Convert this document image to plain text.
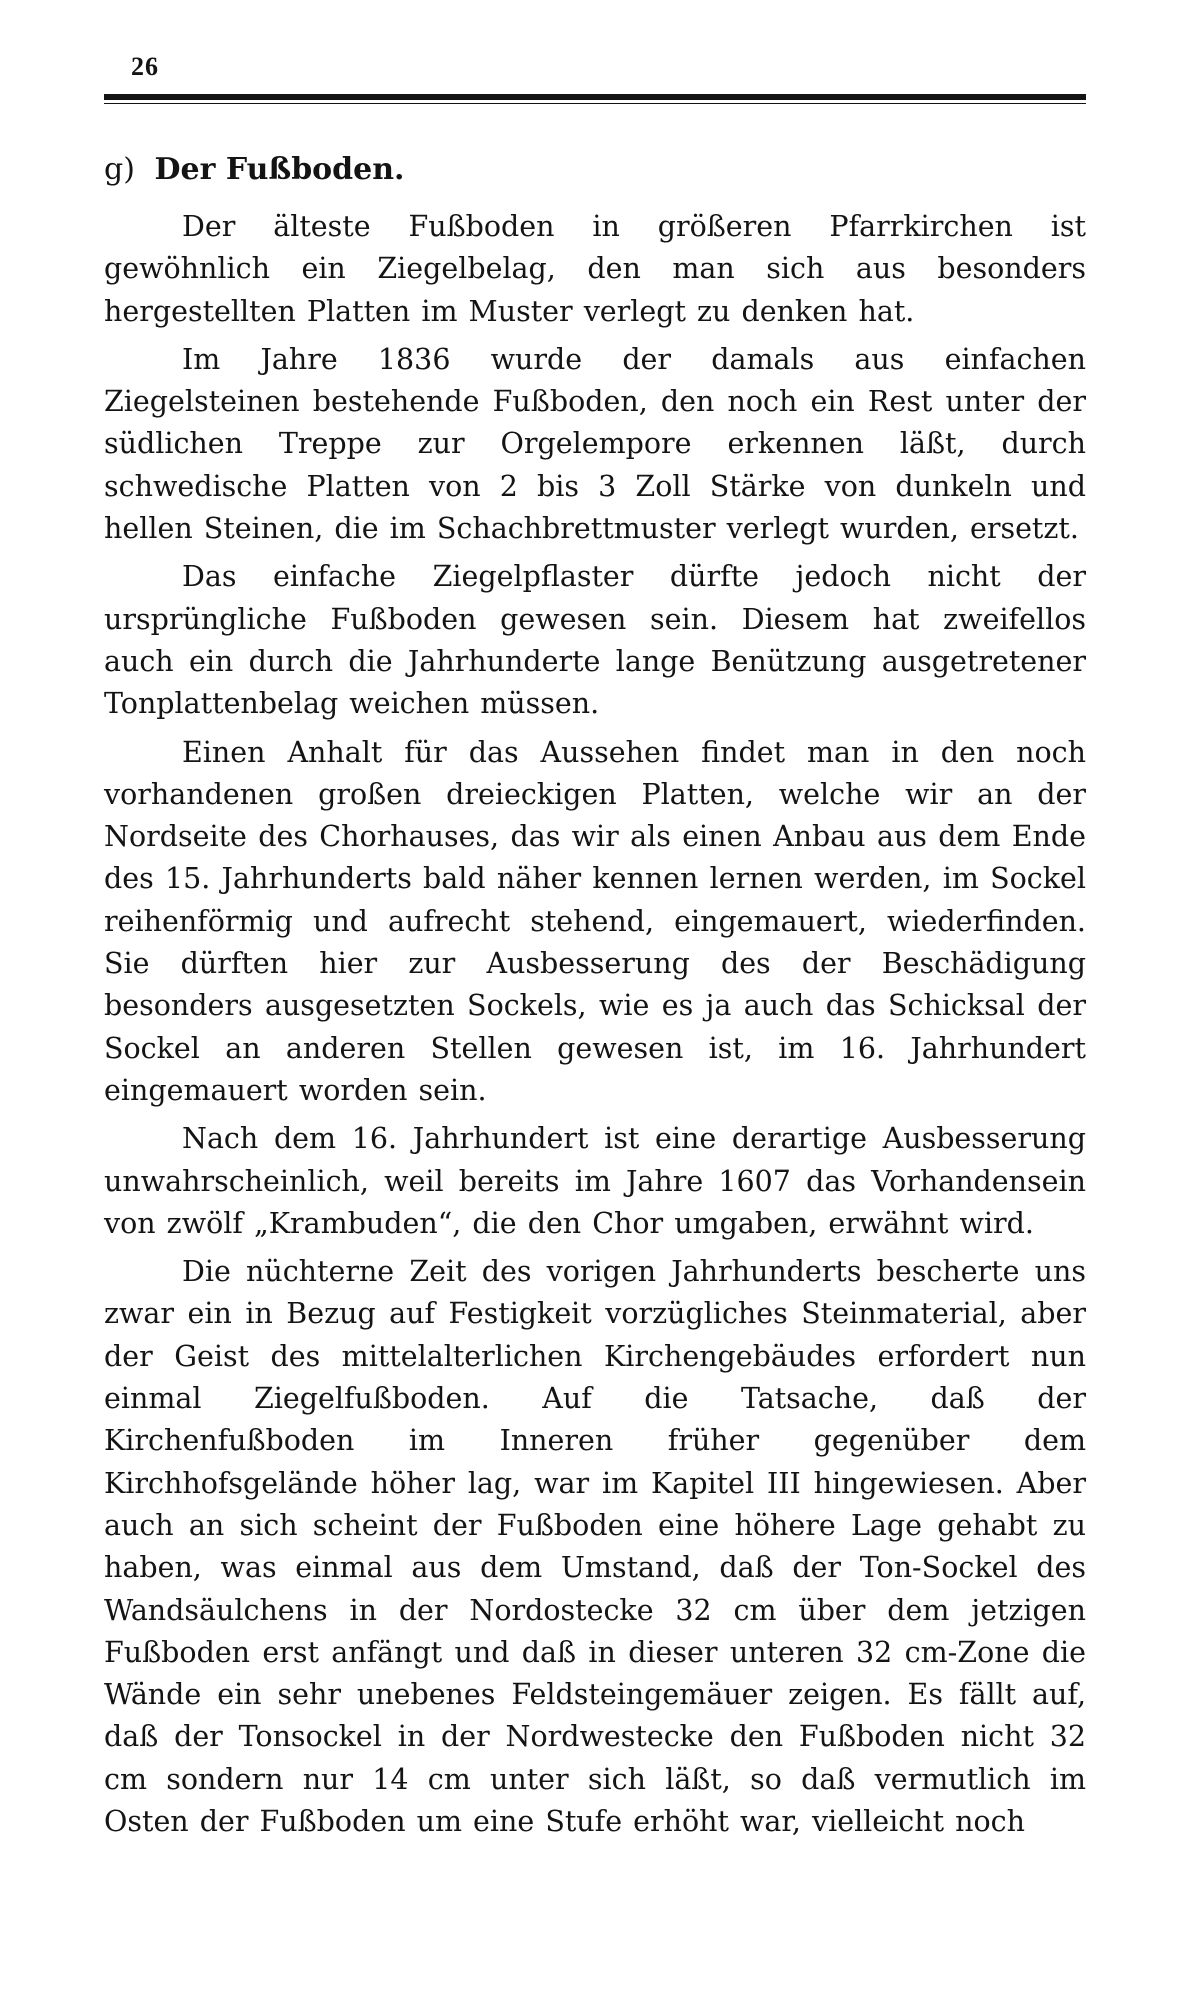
26
g) Der Fußboden.

Der älteste Fußboden in größeren Pfarrkirchen ist gewöhnlich ein Ziegelbelag, den man sich aus besonders hergestellten Platten im Muster verlegt zu denken hat.

Im Jahre 1836 wurde der damals aus einfachen Ziegelsteinen bestehende Fußboden, den noch ein Rest unter der südlichen Treppe zur Orgelempore erkennen läßt, durch schwedische Platten von 2 bis 3 Zoll Stärke von dunkeln und hellen Steinen, die im Schachbrettmuster verlegt wurden, ersetzt.

Das einfache Ziegelpflaster dürfte jedoch nicht der ursprüngliche Fußboden gewesen sein. Diesem hat zweifellos auch ein durch die Jahrhunderte lange Benützung ausgetretener Tonplattenbelag weichen müssen.

Einen Anhalt für das Aussehen findet man in den noch vorhandenen großen dreieckigen Platten, welche wir an der Nordseite des Chorhauses, das wir als einen Anbau aus dem Ende des 15. Jahrhunderts bald näher kennen lernen werden, im Sockel reihenförmig und aufrecht stehend, eingemauert, wiederfinden. Sie dürften hier zur Ausbesserung des der Beschädigung besonders ausgesetzten Sockels, wie es ja auch das Schicksal der Sockel an anderen Stellen gewesen ist, im 16. Jahrhundert eingemauert worden sein.

Nach dem 16. Jahrhundert ist eine derartige Ausbesserung unwahrscheinlich, weil bereits im Jahre 1607 das Vorhandensein von zwölf „Krambuden“, die den Chor umgaben, erwähnt wird.

Die nüchterne Zeit des vorigen Jahrhunderts bescherte uns zwar ein in Bezug auf Festigkeit vorzügliches Steinmaterial, aber der Geist des mittelalterlichen Kirchengebäudes erfordert nun einmal Ziegelfußboden. Auf die Tatsache, daß der Kirchenfußboden im Inneren früher gegenüber dem Kirchhofsgelände höher lag, war im Kapitel III hingewiesen. Aber auch an sich scheint der Fußboden eine höhere Lage gehabt zu haben, was einmal aus dem Umstand, daß der Ton-Sockel des Wandsäulchens in der Nordostecke 32 cm über dem jetzigen Fußboden erst anfängt und daß in dieser unteren 32 cm-Zone die Wände ein sehr unebenes Feldsteingemäuer zeigen. Es fällt auf, daß der Tonsockel in der Nordwestecke den Fußboden nicht 32 cm sondern nur 14 cm unter sich läßt, so daß vermutlich im Osten der Fußboden um eine Stufe erhöht war, vielleicht noch
